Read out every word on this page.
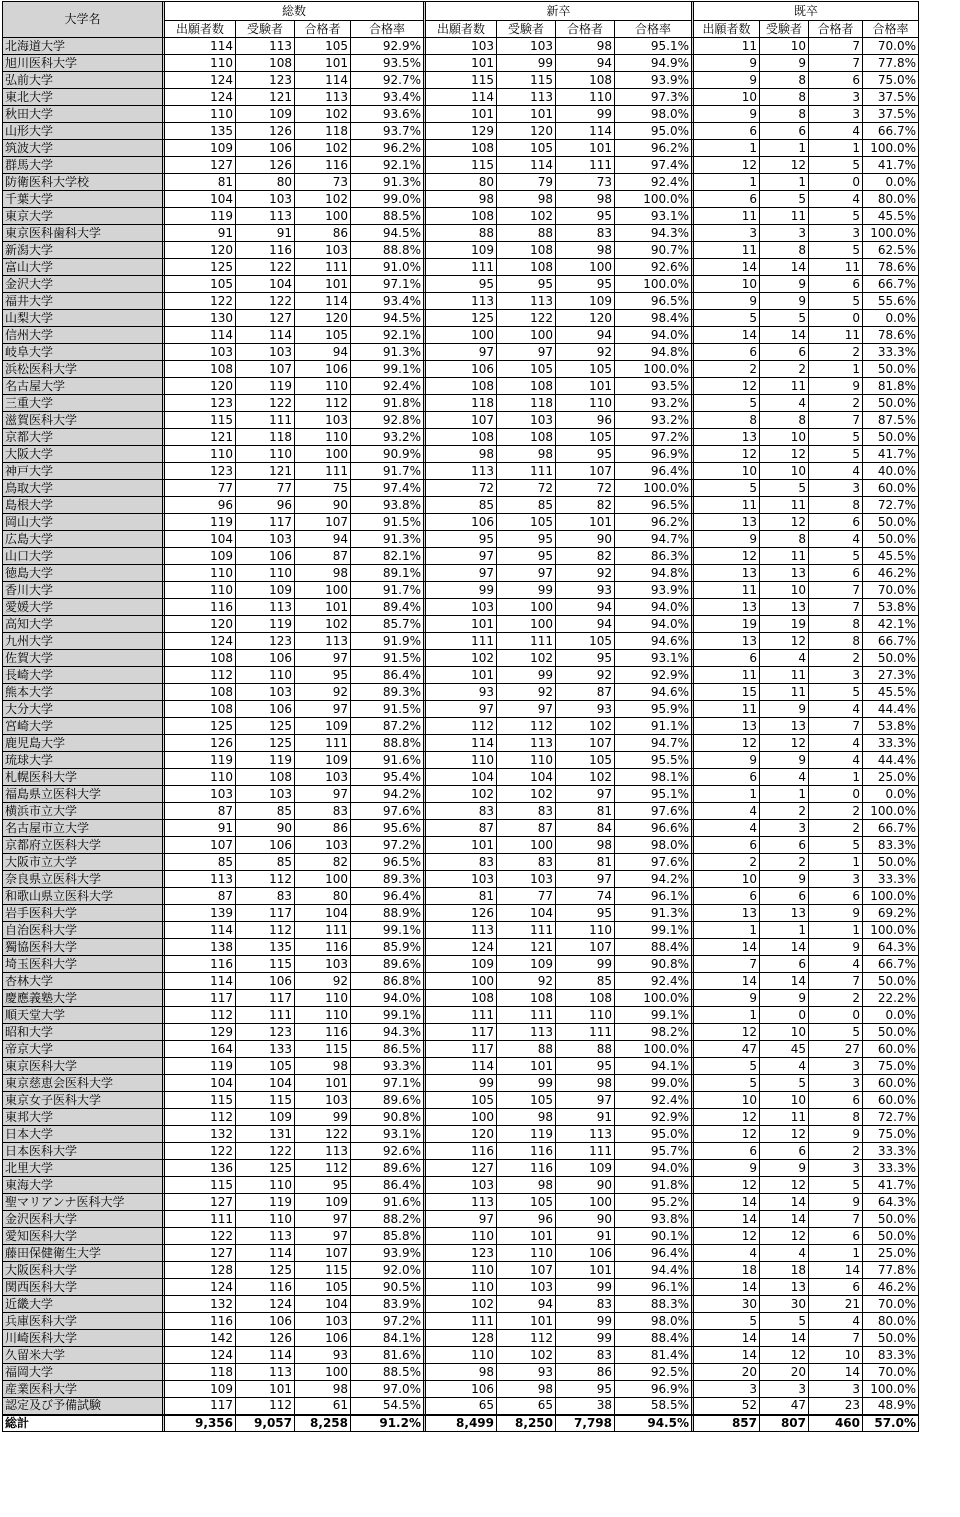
大学名		総数					新卒					既卒			
		出願者数	受験者	合格者	合格率		出願者数	受験者	合格者	合格率		出願者数	受験者	合格者	合格率
北海道大学		114	113	105	92.9%		103	103	98	95.1%		11	10	7	70.0%
旭川医科大学		110	108	101	93.5%		101	99	94	94.9%		9	9	7	77.8%
弘前大学		124	123	114	92.7%		115	115	108	93.9%		9	8	6	75.0%
東北大学		124	121	113	93.4%		114	113	110	97.3%		10	8	3	37.5%
秋田大学		110	109	102	93.6%		101	101	99	98.0%		9	8	3	37.5%
山形大学		135	126	118	93.7%		129	120	114	95.0%		6	6	4	66.7%
筑波大学		109	106	102	96.2%		108	105	101	96.2%		1	1	1	100.0%
群馬大学		127	126	116	92.1%		115	114	111	97.4%		12	12	5	41.7%
防衛医科大学校		81	80	73	91.3%		80	79	73	92.4%		1	1	0	0.0%
千葉大学		104	103	102	99.0%		98	98	98	100.0%		6	5	4	80.0%
東京大学		119	113	100	88.5%		108	102	95	93.1%		11	11	5	45.5%
東京医科歯科大学		91	91	86	94.5%		88	88	83	94.3%		3	3	3	100.0%
新潟大学		120	116	103	88.8%		109	108	98	90.7%		11	8	5	62.5%
富山大学		125	122	111	91.0%		111	108	100	92.6%		14	14	11	78.6%
金沢大学		105	104	101	97.1%		95	95	95	100.0%		10	9	6	66.7%
福井大学		122	122	114	93.4%		113	113	109	96.5%		9	9	5	55.6%
山梨大学		130	127	120	94.5%		125	122	120	98.4%		5	5	0	0.0%
信州大学		114	114	105	92.1%		100	100	94	94.0%		14	14	11	78.6%
岐阜大学		103	103	94	91.3%		97	97	92	94.8%		6	6	2	33.3%
浜松医科大学		108	107	106	99.1%		106	105	105	100.0%		2	2	1	50.0%
名古屋大学		120	119	110	92.4%		108	108	101	93.5%		12	11	9	81.8%
三重大学		123	122	112	91.8%		118	118	110	93.2%		5	4	2	50.0%
滋賀医科大学		115	111	103	92.8%		107	103	96	93.2%		8	8	7	87.5%
京都大学		121	118	110	93.2%		108	108	105	97.2%		13	10	5	50.0%
大阪大学		110	110	100	90.9%		98	98	95	96.9%		12	12	5	41.7%
神戸大学		123	121	111	91.7%		113	111	107	96.4%		10	10	4	40.0%
鳥取大学		77	77	75	97.4%		72	72	72	100.0%		5	5	3	60.0%
島根大学		96	96	90	93.8%		85	85	82	96.5%		11	11	8	72.7%
岡山大学		119	117	107	91.5%		106	105	101	96.2%		13	12	6	50.0%
広島大学		104	103	94	91.3%		95	95	90	94.7%		9	8	4	50.0%
山口大学		109	106	87	82.1%		97	95	82	86.3%		12	11	5	45.5%
徳島大学		110	110	98	89.1%		97	97	92	94.8%		13	13	6	46.2%
香川大学		110	109	100	91.7%		99	99	93	93.9%		11	10	7	70.0%
愛媛大学		116	113	101	89.4%		103	100	94	94.0%		13	13	7	53.8%
高知大学		120	119	102	85.7%		101	100	94	94.0%		19	19	8	42.1%
九州大学		124	123	113	91.9%		111	111	105	94.6%		13	12	8	66.7%
佐賀大学		108	106	97	91.5%		102	102	95	93.1%		6	4	2	50.0%
長崎大学		112	110	95	86.4%		101	99	92	92.9%		11	11	3	27.3%
熊本大学		108	103	92	89.3%		93	92	87	94.6%		15	11	5	45.5%
大分大学		108	106	97	91.5%		97	97	93	95.9%		11	9	4	44.4%
宮崎大学		125	125	109	87.2%		112	112	102	91.1%		13	13	7	53.8%
鹿児島大学		126	125	111	88.8%		114	113	107	94.7%		12	12	4	33.3%
琉球大学		119	119	109	91.6%		110	110	105	95.5%		9	9	4	44.4%
札幌医科大学		110	108	103	95.4%		104	104	102	98.1%		6	4	1	25.0%
福島県立医科大学		103	103	97	94.2%		102	102	97	95.1%		1	1	0	0.0%
横浜市立大学		87	85	83	97.6%		83	83	81	97.6%		4	2	2	100.0%
名古屋市立大学		91	90	86	95.6%		87	87	84	96.6%		4	3	2	66.7%
京都府立医科大学		107	106	103	97.2%		101	100	98	98.0%		6	6	5	83.3%
大阪市立大学		85	85	82	96.5%		83	83	81	97.6%		2	2	1	50.0%
奈良県立医科大学		113	112	100	89.3%		103	103	97	94.2%		10	9	3	33.3%
和歌山県立医科大学		87	83	80	96.4%		81	77	74	96.1%		6	6	6	100.0%
岩手医科大学		139	117	104	88.9%		126	104	95	91.3%		13	13	9	69.2%
自治医科大学		114	112	111	99.1%		113	111	110	99.1%		1	1	1	100.0%
獨協医科大学		138	135	116	85.9%		124	121	107	88.4%		14	14	9	64.3%
埼玉医科大学		116	115	103	89.6%		109	109	99	90.8%		7	6	4	66.7%
杏林大学		114	106	92	86.8%		100	92	85	92.4%		14	14	7	50.0%
慶應義塾大学		117	117	110	94.0%		108	108	108	100.0%		9	9	2	22.2%
順天堂大学		112	111	110	99.1%		111	111	110	99.1%		1	0	0	0.0%
昭和大学		129	123	116	94.3%		117	113	111	98.2%		12	10	5	50.0%
帝京大学		164	133	115	86.5%		117	88	88	100.0%		47	45	27	60.0%
東京医科大学		119	105	98	93.3%		114	101	95	94.1%		5	4	3	75.0%
東京慈恵会医科大学		104	104	101	97.1%		99	99	98	99.0%		5	5	3	60.0%
東京女子医科大学		115	115	103	89.6%		105	105	97	92.4%		10	10	6	60.0%
東邦大学		112	109	99	90.8%		100	98	91	92.9%		12	11	8	72.7%
日本大学		132	131	122	93.1%		120	119	113	95.0%		12	12	9	75.0%
日本医科大学		122	122	113	92.6%		116	116	111	95.7%		6	6	2	33.3%
北里大学		136	125	112	89.6%		127	116	109	94.0%		9	9	3	33.3%
東海大学		115	110	95	86.4%		103	98	90	91.8%		12	12	5	41.7%
聖マリアンナ医科大学		127	119	109	91.6%		113	105	100	95.2%		14	14	9	64.3%
金沢医科大学		111	110	97	88.2%		97	96	90	93.8%		14	14	7	50.0%
愛知医科大学		122	113	97	85.8%		110	101	91	90.1%		12	12	6	50.0%
藤田保健衛生大学		127	114	107	93.9%		123	110	106	96.4%		4	4	1	25.0%
大阪医科大学		128	125	115	92.0%		110	107	101	94.4%		18	18	14	77.8%
関西医科大学		124	116	105	90.5%		110	103	99	96.1%		14	13	6	46.2%
近畿大学		132	124	104	83.9%		102	94	83	88.3%		30	30	21	70.0%
兵庫医科大学		116	106	103	97.2%		111	101	99	98.0%		5	5	4	80.0%
川崎医科大学		142	126	106	84.1%		128	112	99	88.4%		14	14	7	50.0%
久留米大学		124	114	93	81.6%		110	102	83	81.4%		14	12	10	83.3%
福岡大学		118	113	100	88.5%		98	93	86	92.5%		20	20	14	70.0%
産業医科大学		109	101	98	97.0%		106	98	95	96.9%		3	3	3	100.0%
認定及び予備試験		117	112	61	54.5%		65	65	38	58.5%		52	47	23	48.9%
総計		9,356	9,057	8,258	91.2%		8,499	8,250	7,798	94.5%		857	807	460	57.0%
